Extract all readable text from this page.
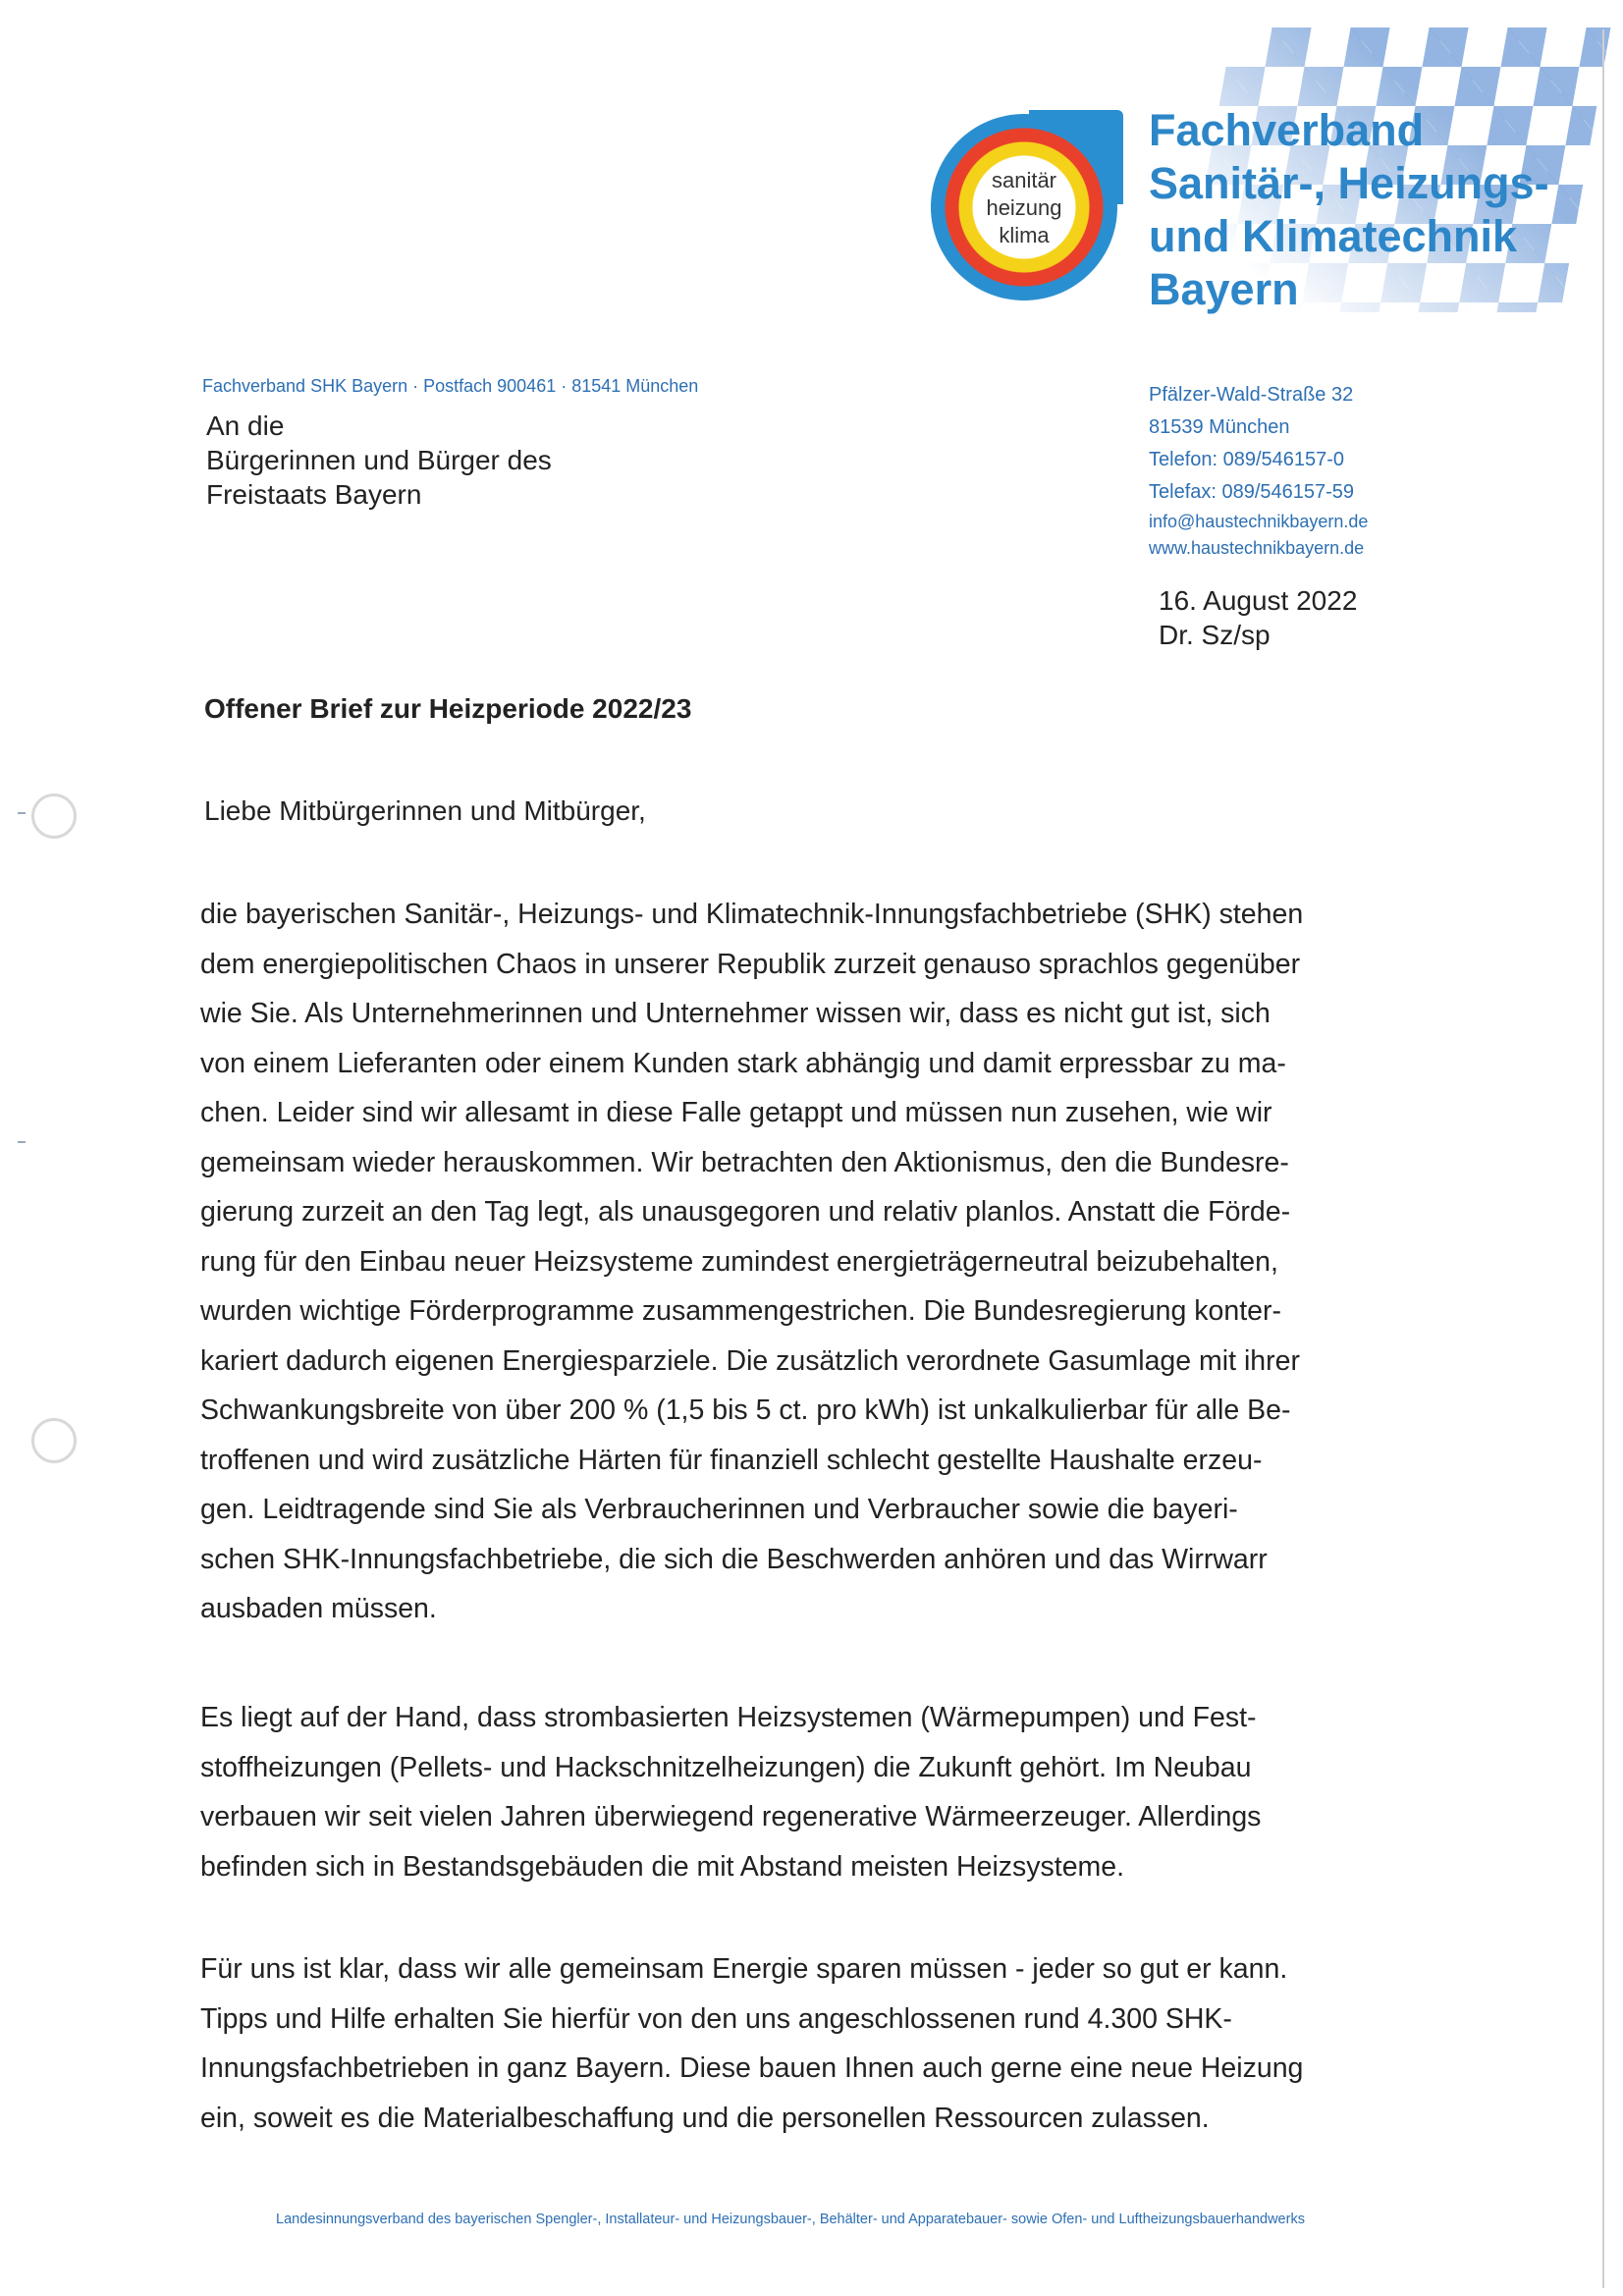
sanitär
heizung
klima
Fachverband
Sanitär-, Heizungs-
und Klimatechnik
Bayern
Fachverband SHK Bayern · Postfach 900461 · 81541 München
An die
Bürgerinnen und Bürger des
Freistaats Bayern
Pfälzer-Wald-Straße 32
81539 München
Telefon: 089/546157-0
Telefax: 089/546157-59
info@haustechnikbayern.de
www.haustechnikbayern.de
16. August 2022
Dr. Sz/sp
Offener Brief zur Heizperiode 2022/23
Liebe Mitbürgerinnen und Mitbürger,
die bayerischen Sanitär-, Heizungs- und Klimatechnik-Innungsfachbetriebe (SHK) stehen
dem energiepolitischen Chaos in unserer Republik zurzeit genauso sprachlos gegenüber
wie Sie. Als Unternehmerinnen und Unternehmer wissen wir, dass es nicht gut ist, sich
von einem Lieferanten oder einem Kunden stark abhängig und damit erpressbar zu ma-
chen. Leider sind wir allesamt in diese Falle getappt und müssen nun zusehen, wie wir
gemeinsam wieder herauskommen. Wir betrachten den Aktionismus, den die Bundesre-
gierung zurzeit an den Tag legt, als unausgegoren und relativ planlos. Anstatt die Förde-
rung für den Einbau neuer Heizsysteme zumindest energieträgerneutral beizubehalten,
wurden wichtige Förderprogramme zusammengestrichen. Die Bundesregierung konter-
kariert dadurch eigenen Energiesparziele. Die zusätzlich verordnete Gasumlage mit ihrer
Schwankungsbreite von über 200 % (1,5 bis 5 ct. pro kWh) ist unkalkulierbar für alle Be-
troffenen und wird zusätzliche Härten für finanziell schlecht gestellte Haushalte erzeu-
gen. Leidtragende sind Sie als Verbraucherinnen und Verbraucher sowie die bayeri-
schen SHK-Innungsfachbetriebe, die sich die Beschwerden anhören und das Wirrwarr
ausbaden müssen.
Es liegt auf der Hand, dass strombasierten Heizsystemen (Wärmepumpen) und Fest-
stoffheizungen (Pellets- und Hackschnitzelheizungen) die Zukunft gehört. Im Neubau
verbauen wir seit vielen Jahren überwiegend regenerative Wärmeerzeuger. Allerdings
befinden sich in Bestandsgebäuden die mit Abstand meisten Heizsysteme.
Für uns ist klar, dass wir alle gemeinsam Energie sparen müssen - jeder so gut er kann.
Tipps und Hilfe erhalten Sie hierfür von den uns angeschlossenen rund 4.300 SHK-
Innungsfachbetrieben in ganz Bayern. Diese bauen Ihnen auch gerne eine neue Heizung
ein, soweit es die Materialbeschaffung und die personellen Ressourcen zulassen.
Landesinnungsverband des bayerischen Spengler-, Installateur- und Heizungsbauer-, Behälter- und Apparatebauer- sowie Ofen- und Luftheizungsbauerhandwerks
